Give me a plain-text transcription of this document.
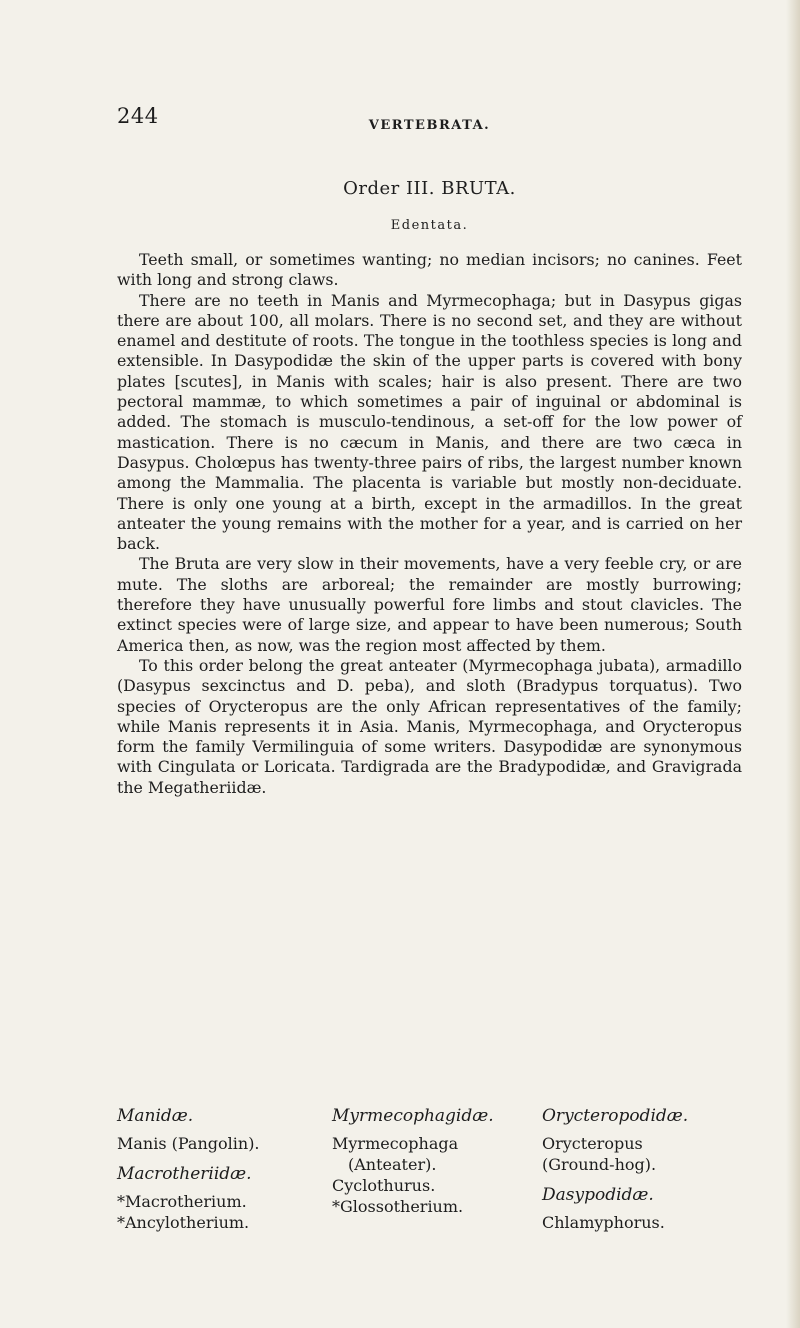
244	VERTEBRATA.
Order III. BRUTA.
Edentata.

Teeth small, or sometimes wanting; no median incisors; no canines. Feet with long and strong claws.

There are no teeth in Manis and Myrmecophaga; but in Dasypus gigas there are about 100, all molars. There is no second set, and they are without enamel and destitute of roots. The tongue in the toothless species is long and extensible. In Dasypodidæ the skin of the upper parts is covered with bony plates [scutes], in Manis with scales; hair is also present. There are two pectoral mammæ, to which sometimes a pair of inguinal or abdominal is added. The stomach is musculo-tendinous, a set-off for the low power of mastication. There is no cæcum in Manis, and there are two cæca in Dasypus. Cholœpus has twenty-three pairs of ribs, the largest number known among the Mammalia. The placenta is variable but mostly non-deciduate. There is only one young at a birth, except in the armadillos. In the great anteater the young remains with the mother for a year, and is carried on her back.

The Bruta are very slow in their movements, have a very feeble cry, or are mute. The sloths are arboreal; the remainder are mostly burrowing; therefore they have unusually powerful fore limbs and stout clavicles. The extinct species were of large size, and appear to have been numerous; South America then, as now, was the region most affected by them.

To this order belong the great anteater (Myrmecophaga jubata), armadillo (Dasypus sexcinctus and D. peba), and sloth (Bradypus torquatus). Two species of Orycteropus are the only African representatives of the family; while Manis represents it in Asia. Manis, Myrmecophaga, and Orycteropus form the family Vermilinguia of some writers. Dasypodidæ are synonymous with Cingulata or Loricata. Tardigrada are the Bradypodidæ, and Gravigrada the Megatheriidæ.

Manidæ.
Manis (Pangolin).
Macrotheriidæ.
*Macrotherium.
*Ancylotherium.
Myrmecophagidæ.
Myrmecophaga
(Anteater).
Cyclothurus.
*Glossotherium.
Orycteropodidæ.
Orycteropus
(Ground-hog).
Dasypodidæ.
Chlamyphorus.
